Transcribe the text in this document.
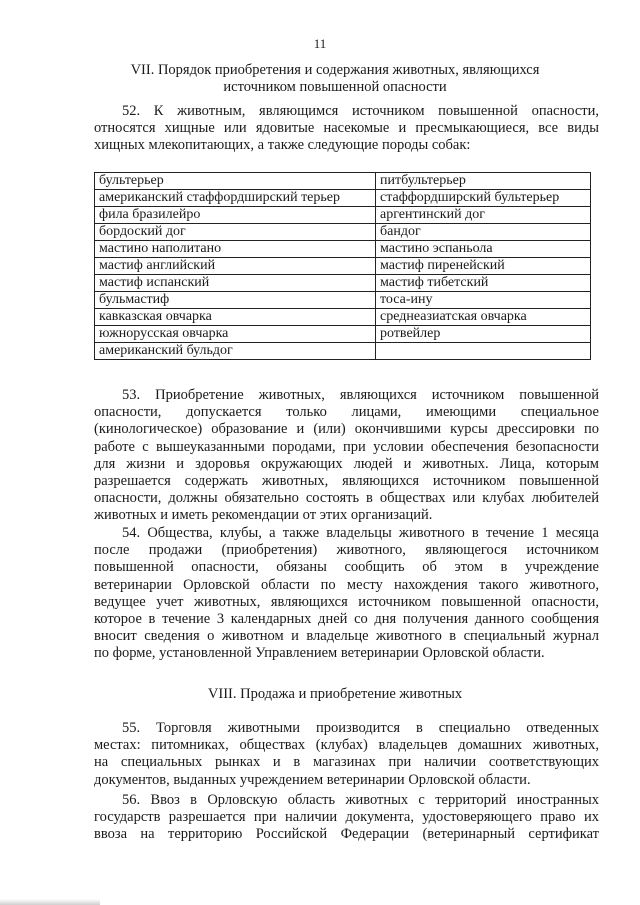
11
VII. Порядок приобретения и содержания животных, являющихся
источником повышенной опасности
52. К животным, являющимся источником повышенной опасности,
относятся хищные или ядовитые насекомые и пресмыкающиеся, все виды
хищных млекопитающих, а также следующие породы собак:
бультерьер	питбультерьер
американский стаффордширский терьер	стаффордширский бультерьер
фила бразилейро	аргентинский дог
бордоский дог	бандог
мастино наполитано	мастино эспаньола
мастиф английский	мастиф пиренейский
мастиф испанский	мастиф тибетский
бульмастиф	тоса-ину
кавказская овчарка	среднеазиатская овчарка
южнорусская овчарка	ротвейлер
американский бульдог	
53. Приобретение животных, являющихся источником повышенной
опасности, допускается только лицами, имеющими специальное
(кинологическое) образование и (или) окончившими курсы дрессировки по
работе с вышеуказанными породами, при условии обеспечения безопасности
для жизни и здоровья окружающих людей и животных. Лица, которым
разрешается содержать животных, являющихся источником повышенной
опасности, должны обязательно состоять в обществах или клубах любителей
животных и иметь рекомендации от этих организаций.
54. Общества, клубы, а также владельцы животного в течение 1 месяца
после продажи (приобретения) животного, являющегося источником
повышенной опасности, обязаны сообщить об этом в учреждение
ветеринарии Орловской области по месту нахождения такого животного,
ведущее учет животных, являющихся источником повышенной опасности,
которое в течение 3 календарных дней со дня получения данного сообщения
вносит сведения о животном и владельце животного в специальный журнал
по форме, установленной Управлением ветеринарии Орловской области.
VIII. Продажа и приобретение животных
55. Торговля животными производится в специально отведенных
местах: питомниках, обществах (клубах) владельцев домашних животных,
на специальных рынках и в магазинах при наличии соответствующих
документов, выданных учреждением ветеринарии Орловской области.
56. Ввоз в Орловскую область животных с территорий иностранных
государств разрешается при наличии документа, удостоверяющего право их
ввоза на территорию Российской Федерации (ветеринарный сертификат
